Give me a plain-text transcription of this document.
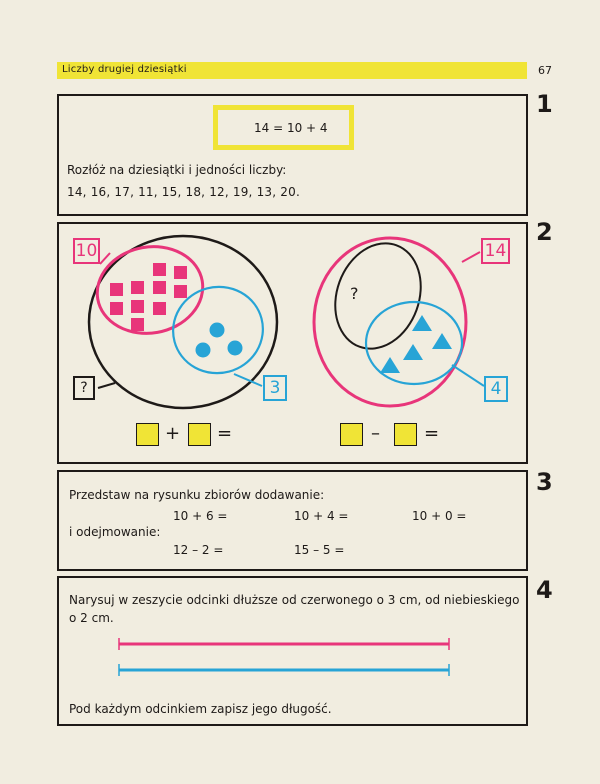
Liczby drugiej dziesiątki	67
1
2
3
4
14 = 10 + 4
Rozłóż na dziesiątki i jedności liczby:
14, 16, 17, 11, 15, 18, 12, 19, 13, 20.
10
3
?
14
4
?
+ =	– =
Przedstaw na rysunku zbiorów dodawanie:
10 + 6 =	10 + 4 =	10 + 0 =
i odejmowanie:
12 – 2 =	15 – 5 =
Narysuj w zeszycie odcinki dłuższe od czerwonego o 3 cm, od niebieskiego
o 2 cm.
Pod każdym odcinkiem zapisz jego długość.
